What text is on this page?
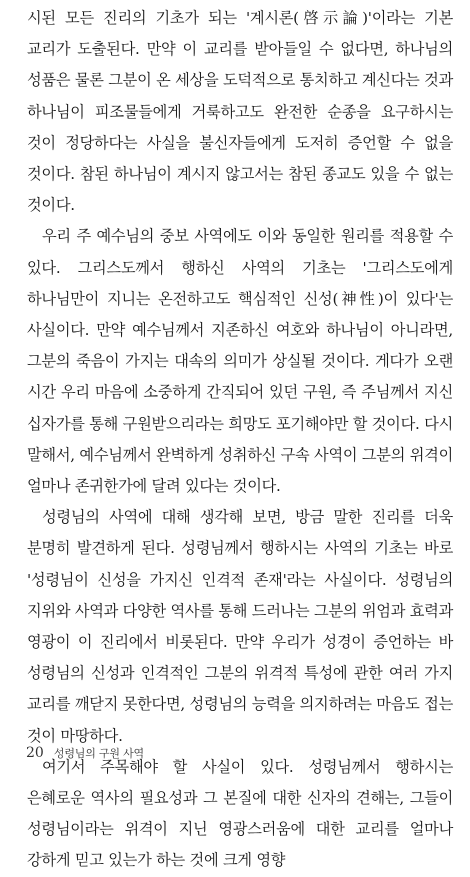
시된 모든 진리의 기초가 되는 '계시론(啓示論)'이라는 기본 교리가 도출된다. 만약 이 교리를 받아들일 수 없다면, 하나님의 성품은 물론 그분이 온 세상을 도덕적으로 통치하고 계신다는 것과 하나님이 피조물들에게 거룩하고도 완전한 순종을 요구하시는 것이 정당하다는 사실을 불신자들에게 도저히 증언할 수 없을 것이다. 참된 하나님이 계시지 않고서는 참된 종교도 있을 수 없는 것이다.

우리 주 예수님의 중보 사역에도 이와 동일한 원리를 적용할 수 있다. 그리스도께서 행하신 사역의 기초는 '그리스도에게 하나님만이 지니는 온전하고도 핵심적인 신성(神性)이 있다'는 사실이다. 만약 예수님께서 지존하신 여호와 하나님이 아니라면, 그분의 죽음이 가지는 대속의 의미가 상실될 것이다. 게다가 오랜 시간 우리 마음에 소중하게 간직되어 있던 구원, 즉 주님께서 지신 십자가를 통해 구원받으리라는 희망도 포기해야만 할 것이다. 다시 말해서, 예수님께서 완벽하게 성취하신 구속 사역이 그분의 위격이 얼마나 존귀한가에 달려 있다는 것이다.

성령님의 사역에 대해 생각해 보면, 방금 말한 진리를 더욱 분명히 발견하게 된다. 성령님께서 행하시는 사역의 기초는 바로 '성령님이 신성을 가지신 인격적 존재'라는 사실이다. 성령님의 지위와 사역과 다양한 역사를 통해 드러나는 그분의 위엄과 효력과 영광이 이 진리에서 비롯된다. 만약 우리가 성경이 증언하는 바 성령님의 신성과 인격적인 그분의 위격적 특성에 관한 여러 가지 교리를 깨닫지 못한다면, 성령님의 능력을 의지하려는 마음도 접는 것이 마땅하다.

여기서 주목해야 할 사실이 있다. 성령님께서 행하시는 은혜로운 역사의 필요성과 그 본질에 대한 신자의 견해는, 그들이 성령님이라는 위격이 지닌 영광스러움에 대한 교리를 얼마나 강하게 믿고 있는가 하는 것에 크게 영향

20 성령님의 구원 사역
